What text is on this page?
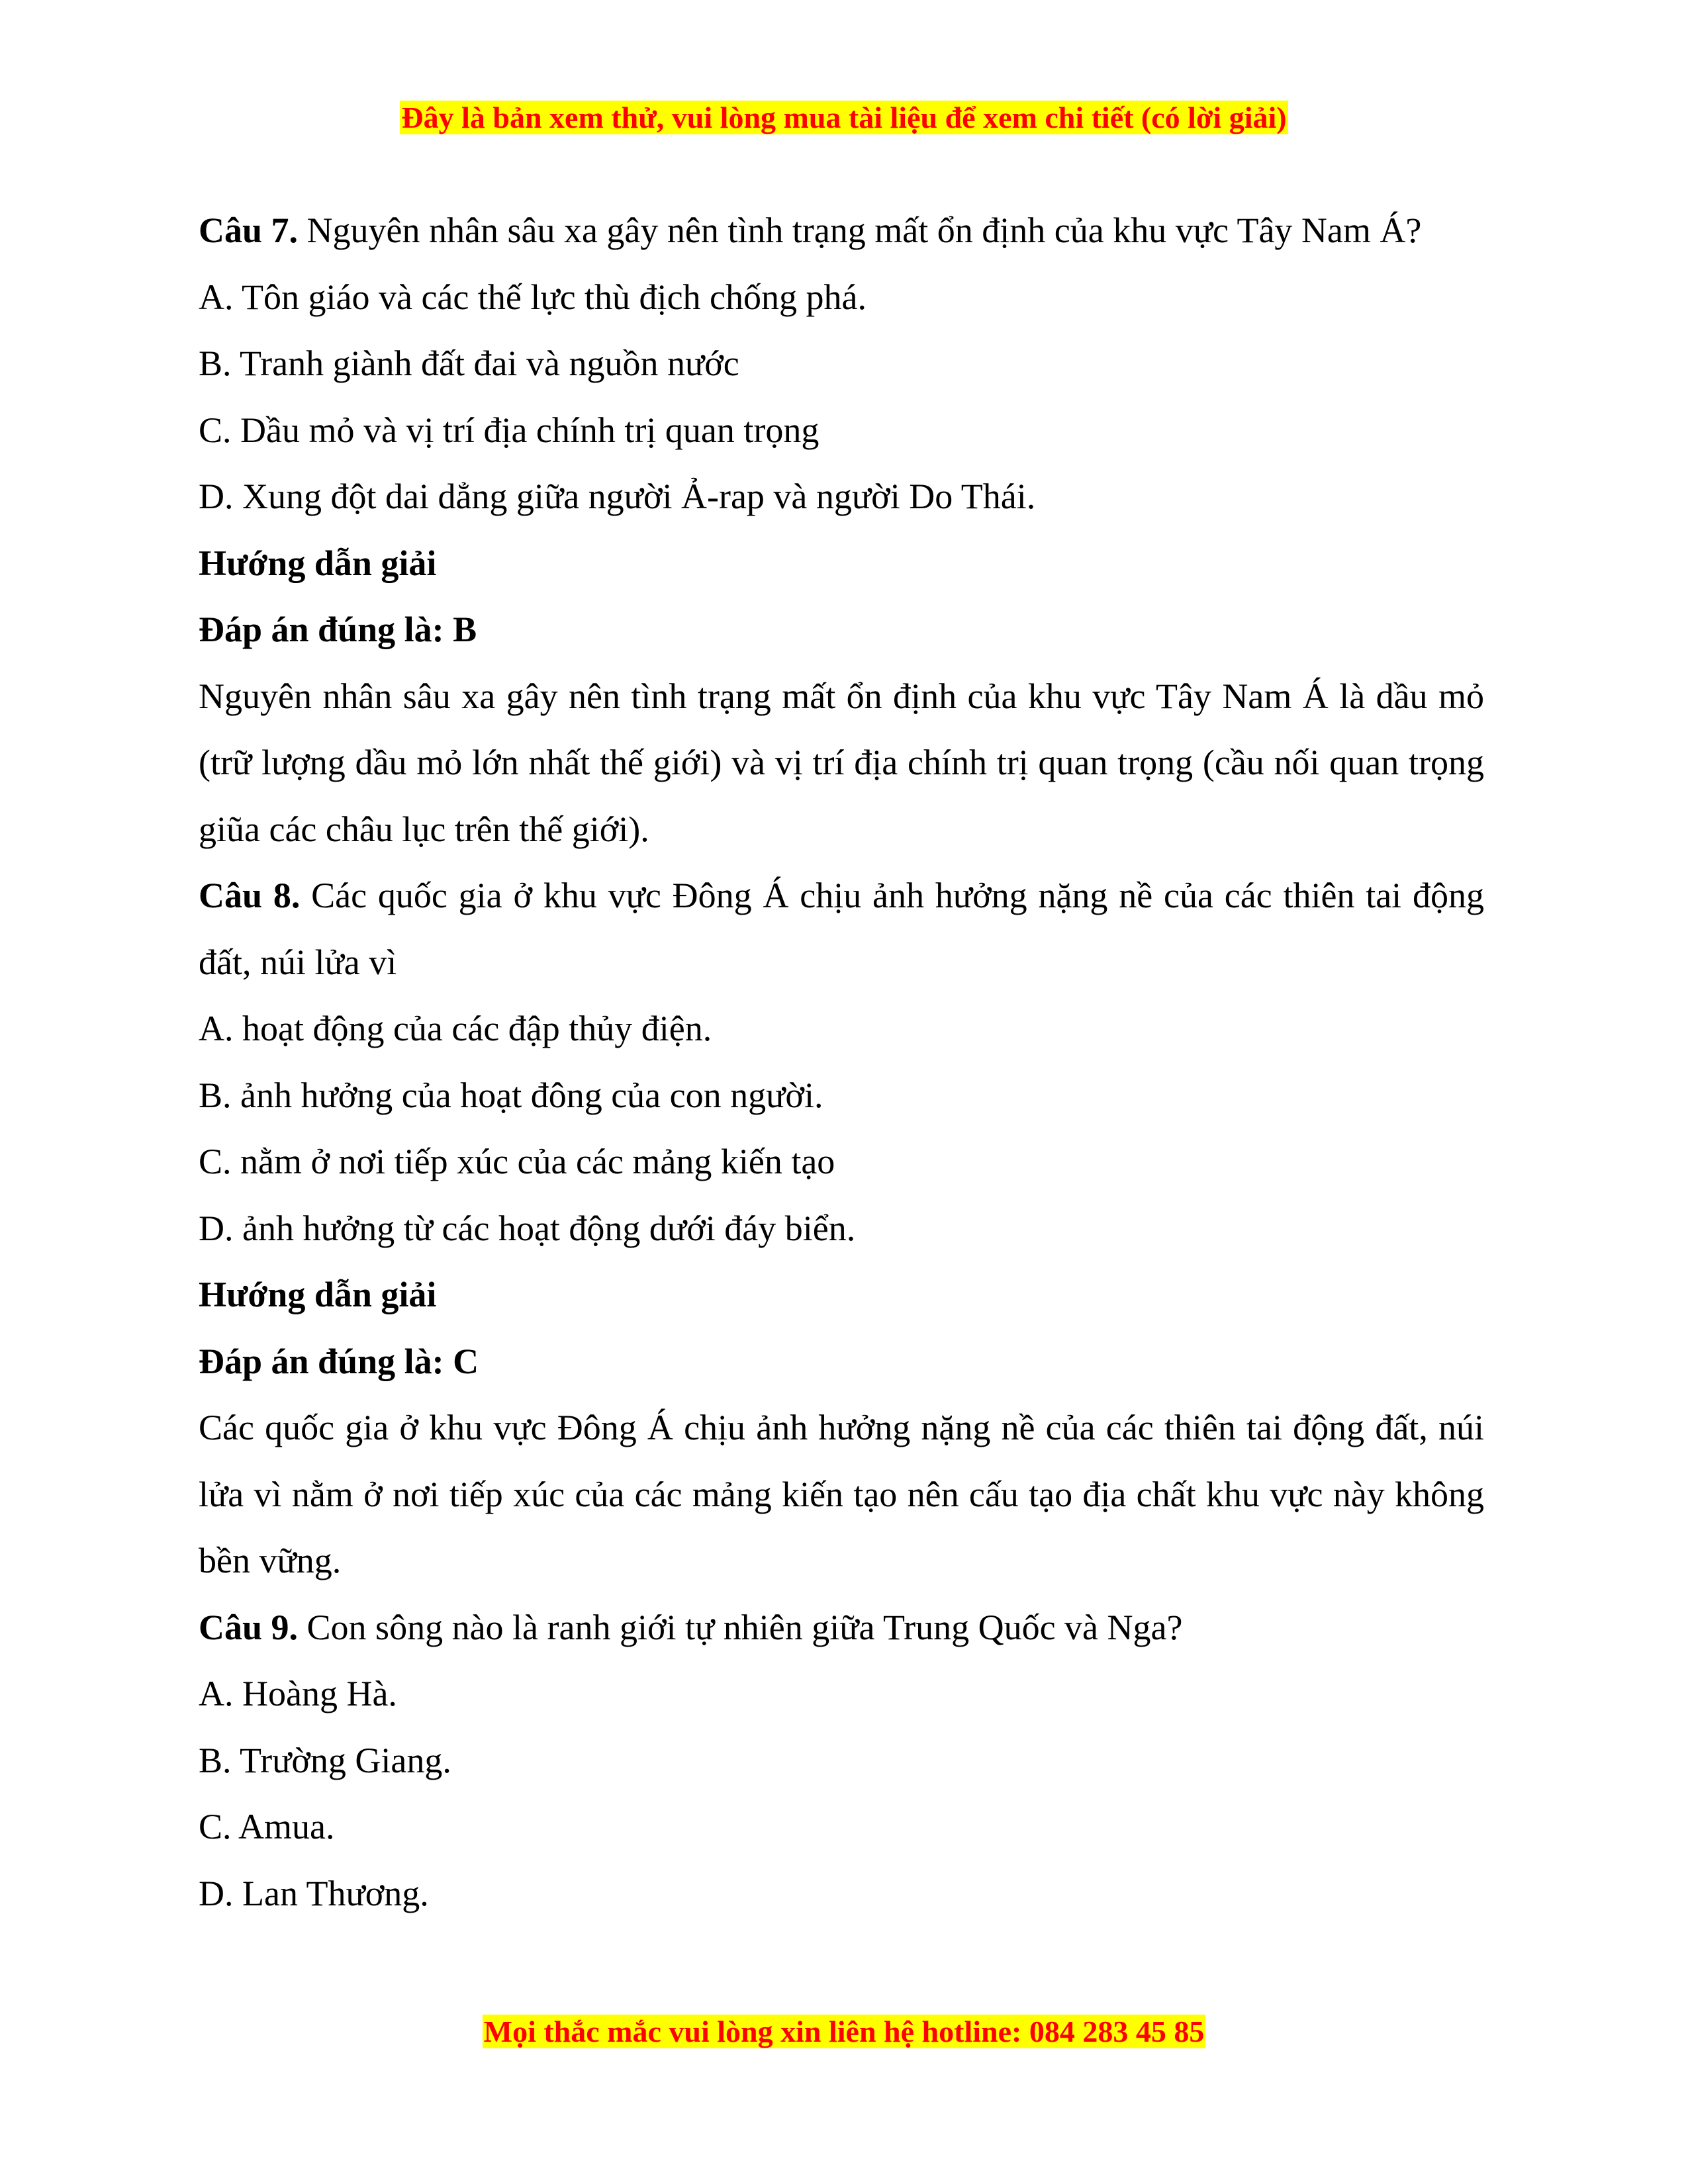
Đây là bản xem thử, vui lòng mua tài liệu để xem chi tiết (có lời giải)

Câu 7. Nguyên nhân sâu xa gây nên tình trạng mất ổn định của khu vực Tây Nam Á?

A. Tôn giáo và các thế lực thù địch chống phá.

B. Tranh giành đất đai và nguồn nước

C. Dầu mỏ và vị trí địa chính trị quan trọng

D. Xung đột dai dẳng giữa người Ả-rap và người Do Thái.

Hướng dẫn giải

Đáp án đúng là: B

Nguyên nhân sâu xa gây nên tình trạng mất ổn định của khu vực Tây Nam Á là dầu mỏ (trữ lượng dầu mỏ lớn nhất thế giới) và vị trí địa chính trị quan trọng (cầu nối quan trọng giũa các châu lục trên thế giới).

Câu 8. Các quốc gia ở khu vực Đông Á chịu ảnh hưởng nặng nề của các thiên tai động đất, núi lửa vì

A. hoạt động của các đập thủy điện.

B. ảnh hưởng của hoạt đông của con người.

C. nằm ở nơi tiếp xúc của các mảng kiến tạo

D. ảnh hưởng từ các hoạt động dưới đáy biển.

Hướng dẫn giải

Đáp án đúng là: C

Các quốc gia ở khu vực Đông Á chịu ảnh hưởng nặng nề của các thiên tai động đất, núi lửa vì nằm ở nơi tiếp xúc của các mảng kiến tạo nên cấu tạo địa chất khu vực này không bền vững.

Câu 9. Con sông nào là ranh giới tự nhiên giữa Trung Quốc và Nga?

A. Hoàng Hà.

B. Trường Giang.

C. Amua.

D. Lan Thương.

Mọi thắc mắc vui lòng xin liên hệ hotline: 084 283 45 85
